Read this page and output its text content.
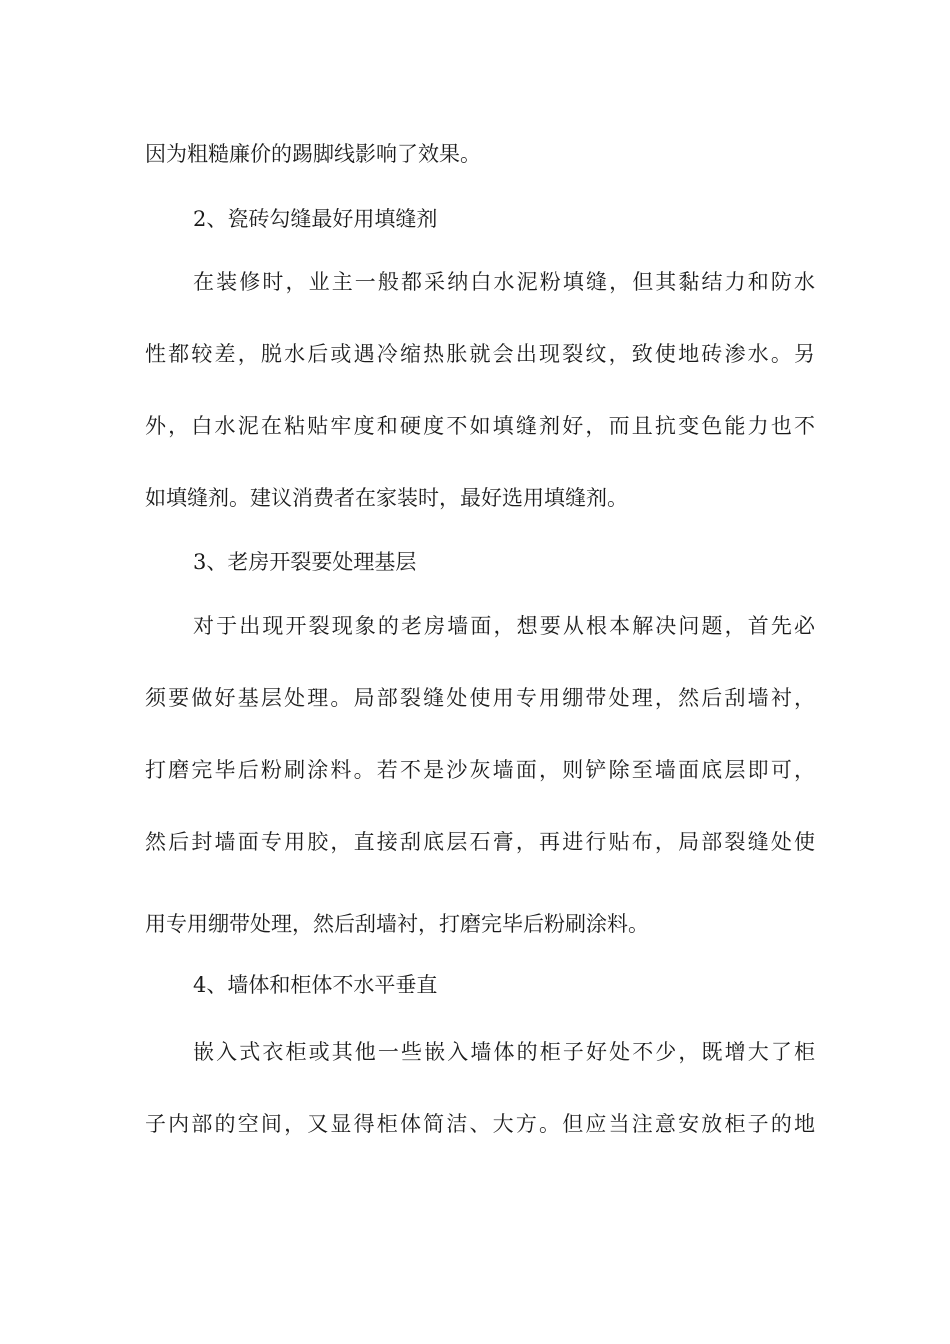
因为粗糙廉价的踢脚线影响了效果。
2、瓷砖勾缝最好用填缝剂
在装修时，业主一般都采纳白水泥粉填缝，但其黏结力和防水
性都较差，脱水后或遇冷缩热胀就会出现裂纹，致使地砖渗水。另
外，白水泥在粘贴牢度和硬度不如填缝剂好，而且抗变色能力也不
如填缝剂。建议消费者在家装时，最好选用填缝剂。
3、老房开裂要处理基层
对于出现开裂现象的老房墙面，想要从根本解决问题，首先必
须要做好基层处理。局部裂缝处使用专用绷带处理，然后刮墙衬，
打磨完毕后粉刷涂料。若不是沙灰墙面，则铲除至墙面底层即可，
然后封墙面专用胶，直接刮底层石膏，再进行贴布，局部裂缝处使
用专用绷带处理，然后刮墙衬，打磨完毕后粉刷涂料。
4、墙体和柜体不水平垂直
嵌入式衣柜或其他一些嵌入墙体的柜子好处不少，既增大了柜
子内部的空间，又显得柜体简洁、大方。但应当注意安放柜子的地
